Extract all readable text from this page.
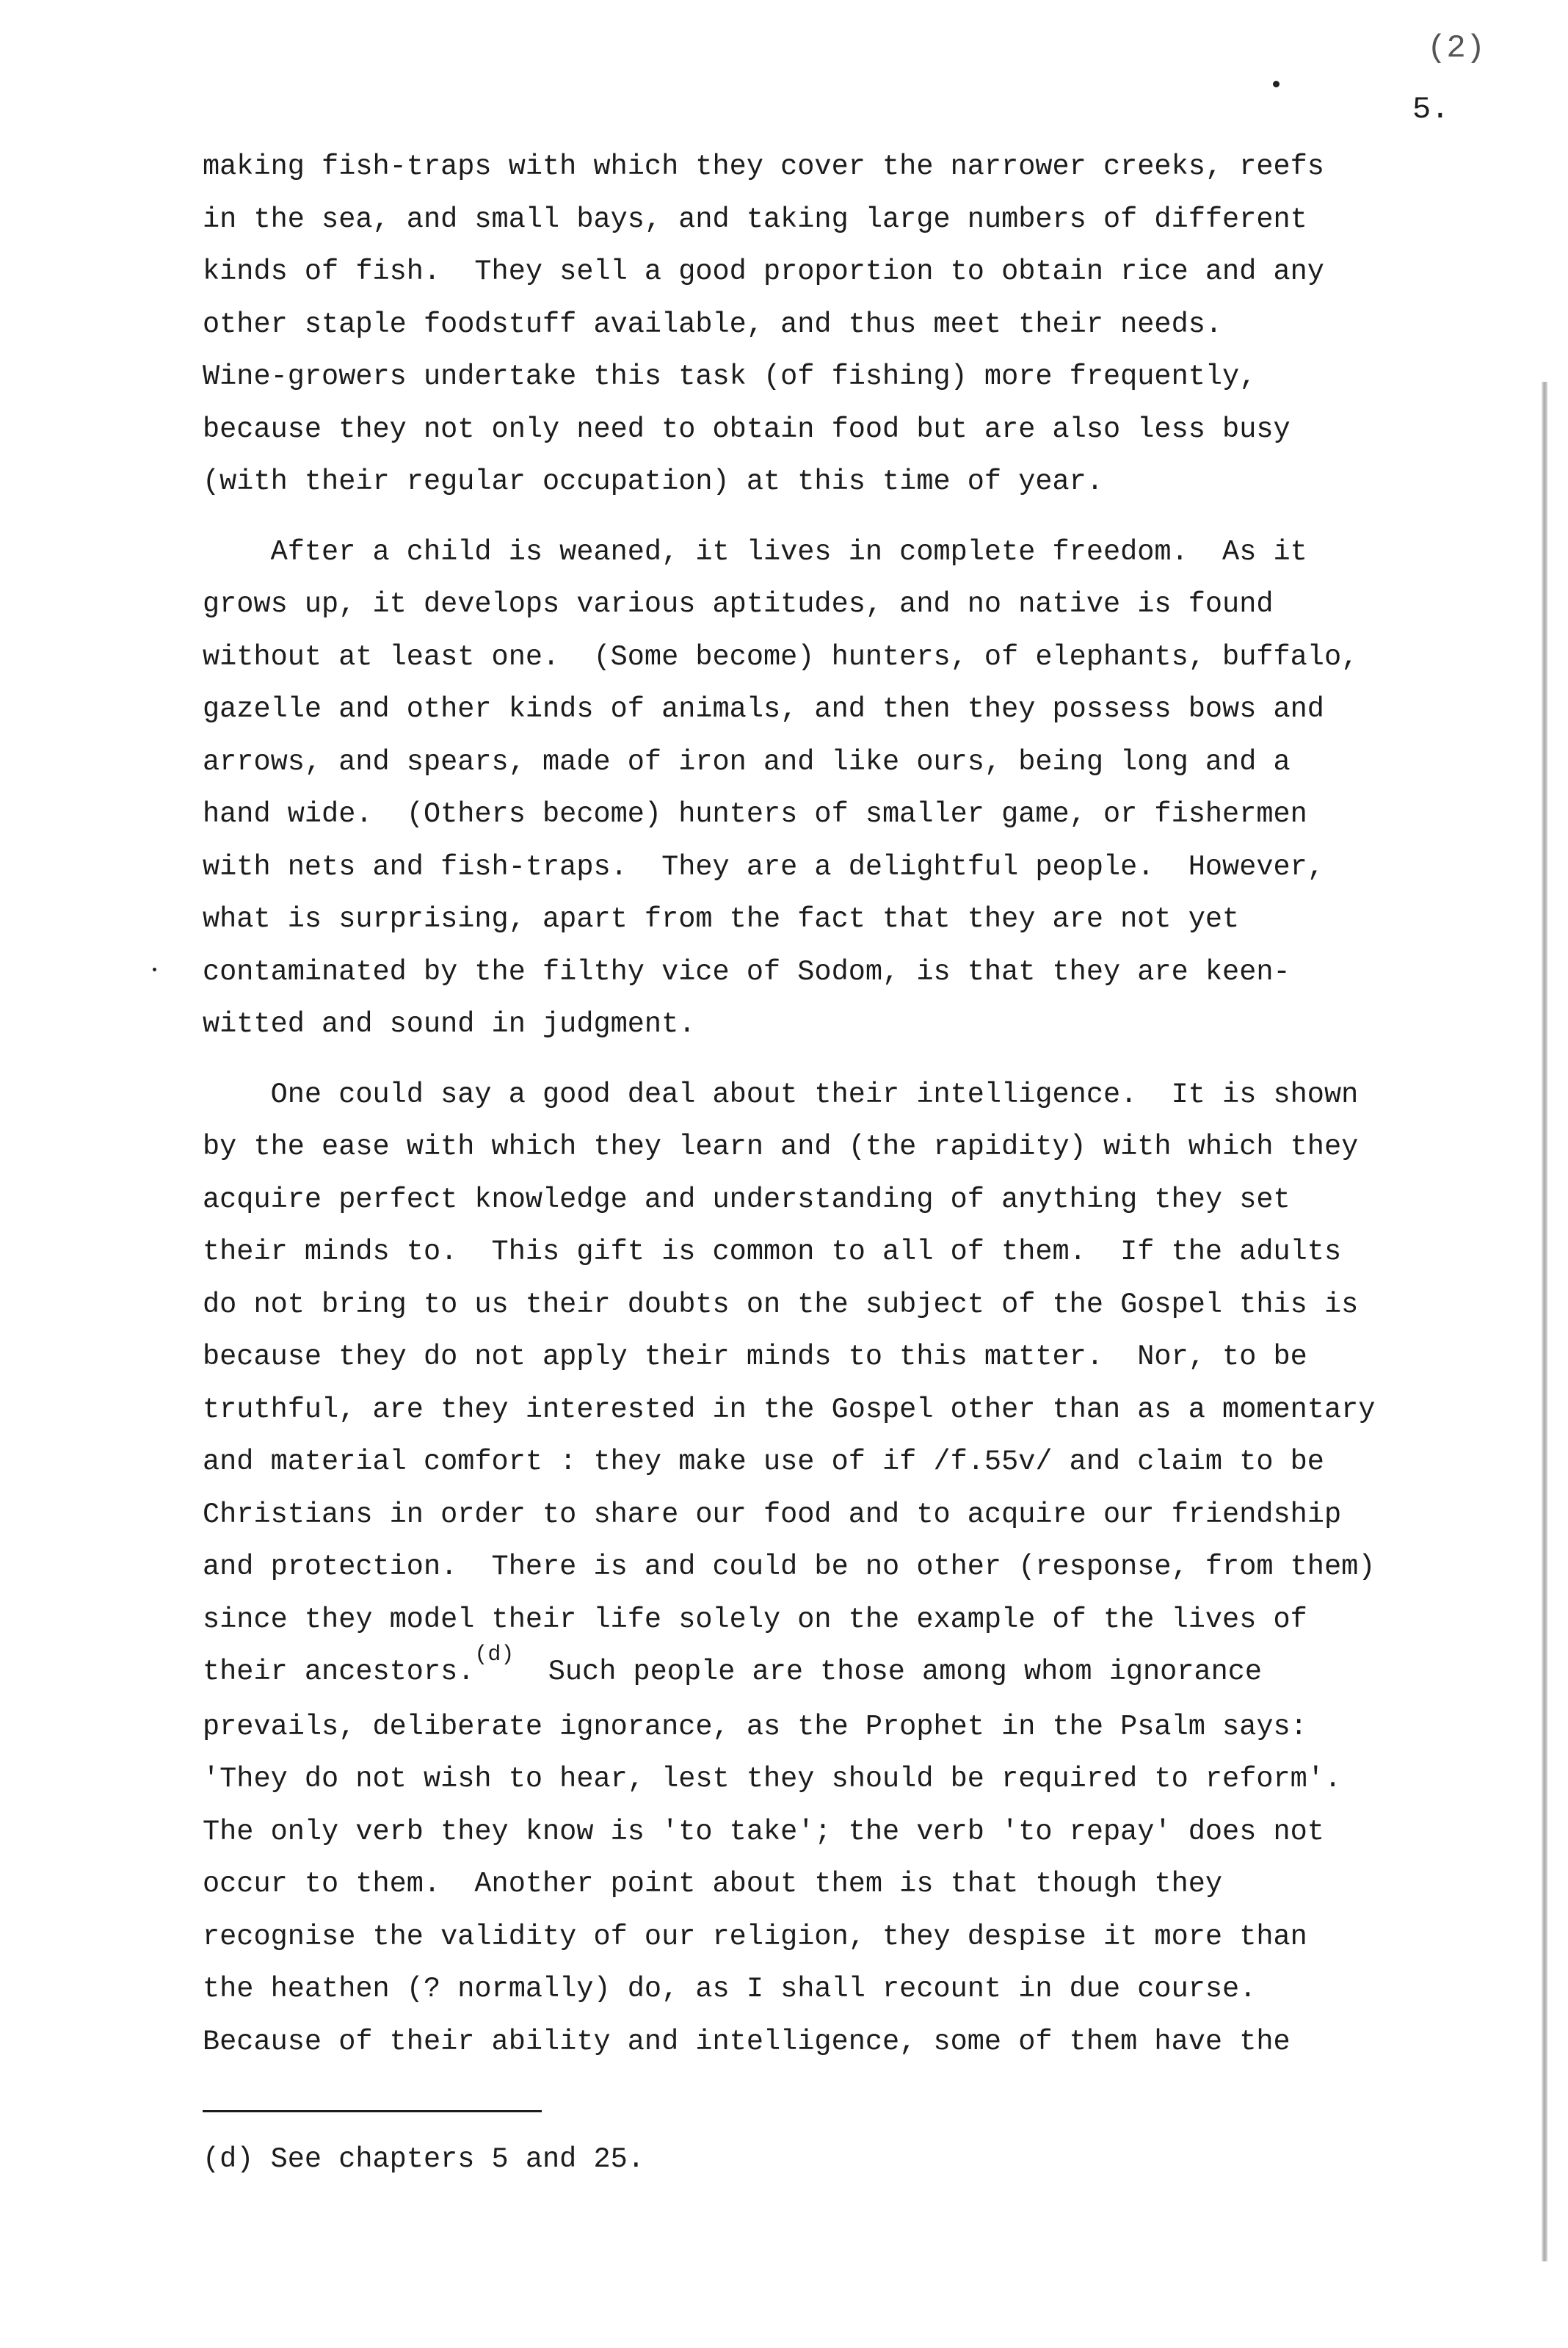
(2)
5.

making fish-traps with which they cover the narrower creeks, reefs
in the sea, and small bays, and taking large numbers of different
kinds of fish.  They sell a good proportion to obtain rice and any
other staple foodstuff available, and thus meet their needs.
Wine-growers undertake this task (of fishing) more frequently,
because they not only need to obtain food but are also less busy
(with their regular occupation) at this time of year.

After a child is weaned, it lives in complete freedom.  As it
grows up, it develops various aptitudes, and no native is found
without at least one.  (Some become) hunters, of elephants, buffalo,
gazelle and other kinds of animals, and then they possess bows and
arrows, and spears, made of iron and like ours, being long and a
hand wide.  (Others become) hunters of smaller game, or fishermen
with nets and fish-traps.  They are a delightful people.  However,
what is surprising, apart from the fact that they are not yet
contaminated by the filthy vice of Sodom, is that they are keen-
witted and sound in judgment.

One could say a good deal about their intelligence.  It is shown
by the ease with which they learn and (the rapidity) with which they
acquire perfect knowledge and understanding of anything they set
their minds to.  This gift is common to all of them.  If the adults
do not bring to us their doubts on the subject of the Gospel this is
because they do not apply their minds to this matter.  Nor, to be
truthful, are they interested in the Gospel other than as a momentary
and material comfort : they make use of if /f.55v/ and claim to be
Christians in order to share our food and to acquire our friendship
and protection.  There is and could be no other (response, from them)
since they model their life solely on the example of the lives of
their ancestors.$^{(d)}$  Such people are those among whom ignorance
prevails, deliberate ignorance, as the Prophet in the Psalm says:
'They do not wish to hear, lest they should be required to reform'.
The only verb they know is 'to take'; the verb 'to repay' does not
occur to them.  Another point about them is that though they
recognise the validity of our religion, they despise it more than
the heathen (? normally) do, as I shall recount in due course.
Because of their ability and intelligence, some of them have the

(d) See chapters 5 and 25.
